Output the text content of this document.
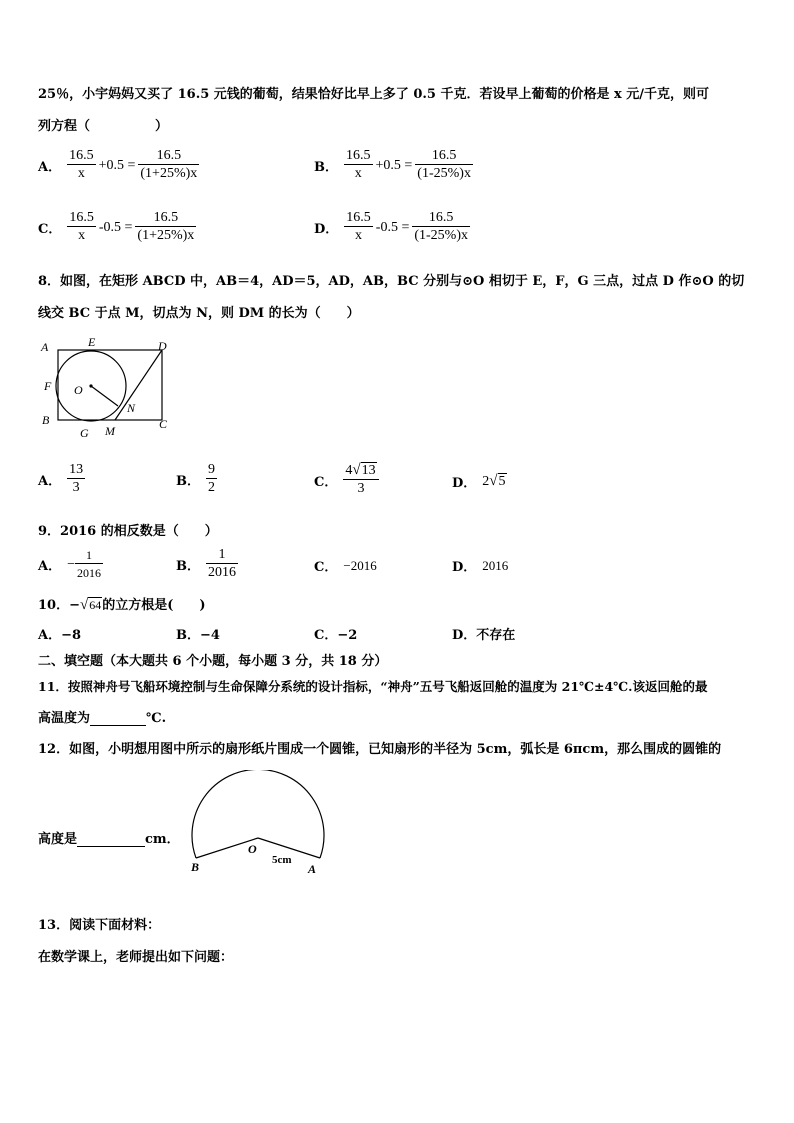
25％，小宇妈妈又买了 16.5 元钱的葡萄，结果恰好比早上多了 0.5 千克．若设早上葡萄的价格是 x 元/千克，则可
列方程（　　　　　）
A． $\frac{16.5}{x} +0.5 = \frac{16.5}{(1+25\%)x}$	B． $\frac{16.5}{x} +0.5 = \frac{16.5}{(1-25\%)x}$
C． $\frac{16.5}{x} -0.5 = \frac{16.5}{(1+25\%)x}$	D． $\frac{16.5}{x} -0.5 = \frac{16.5}{(1-25\%)x}$
8．如图，在矩形 ABCD 中，AB＝4，AD＝5，AD，AB，BC 分别与⊙O 相切于 E，F，G 三点，过点 D 作⊙O 的切
线交 BC 于点 M，切点为 N，则 DM 的长为（　　）
A	E	D
F O
N
B
G M	C
A． $\frac{13}{3}$	B． $\frac{9}{2}$	C． $\frac{4√13}{3}$	D． 2√5
9．2016 的相反数是（　　）
A． − $\frac{1}{2016}$	B． $\frac{1}{2016}$	C． −2016	D． 2016
10．−√64的立方根是(　　)
A．−8	B．−4	C．−2	D．不存在
二、填空题（本大题共 6 个小题，每小题 3 分，共 18 分）
11．按照神舟号飞船环境控制与生命保障分系统的设计指标，“神舟”五号飞船返回舱的温度为 21℃±4℃.该返回舱的最
高温度为	℃.
12．如图，小明想用图中所示的扇形纸片围成一个圆锥，已知扇形的半径为 5cm，弧长是 6πcm，那么围成的圆锥的
高度是	cm．
B
O
5cm
A
13．阅读下面材料：
在数学课上，老师提出如下问题：
